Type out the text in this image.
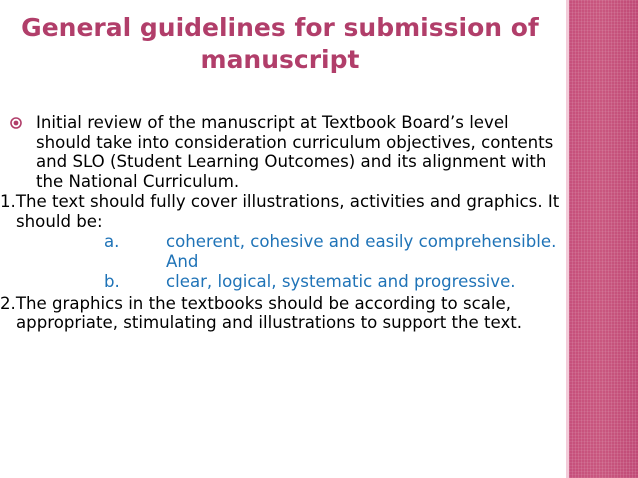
General guidelines for submission of
manuscript
Initial review of the manuscript at Textbook Board’s level should take into consideration curriculum objectives, contents and SLO (Student Learning Outcomes) and its alignment with the National Curriculum.
1.The text should fully cover illustrations, activities and graphics. It should be:
a.	coherent, cohesive and easily comprehensible. And
b.	clear, logical, systematic and progressive.
2.The graphics in the textbooks should be according to scale, appropriate, stimulating and illustrations to support the text.
